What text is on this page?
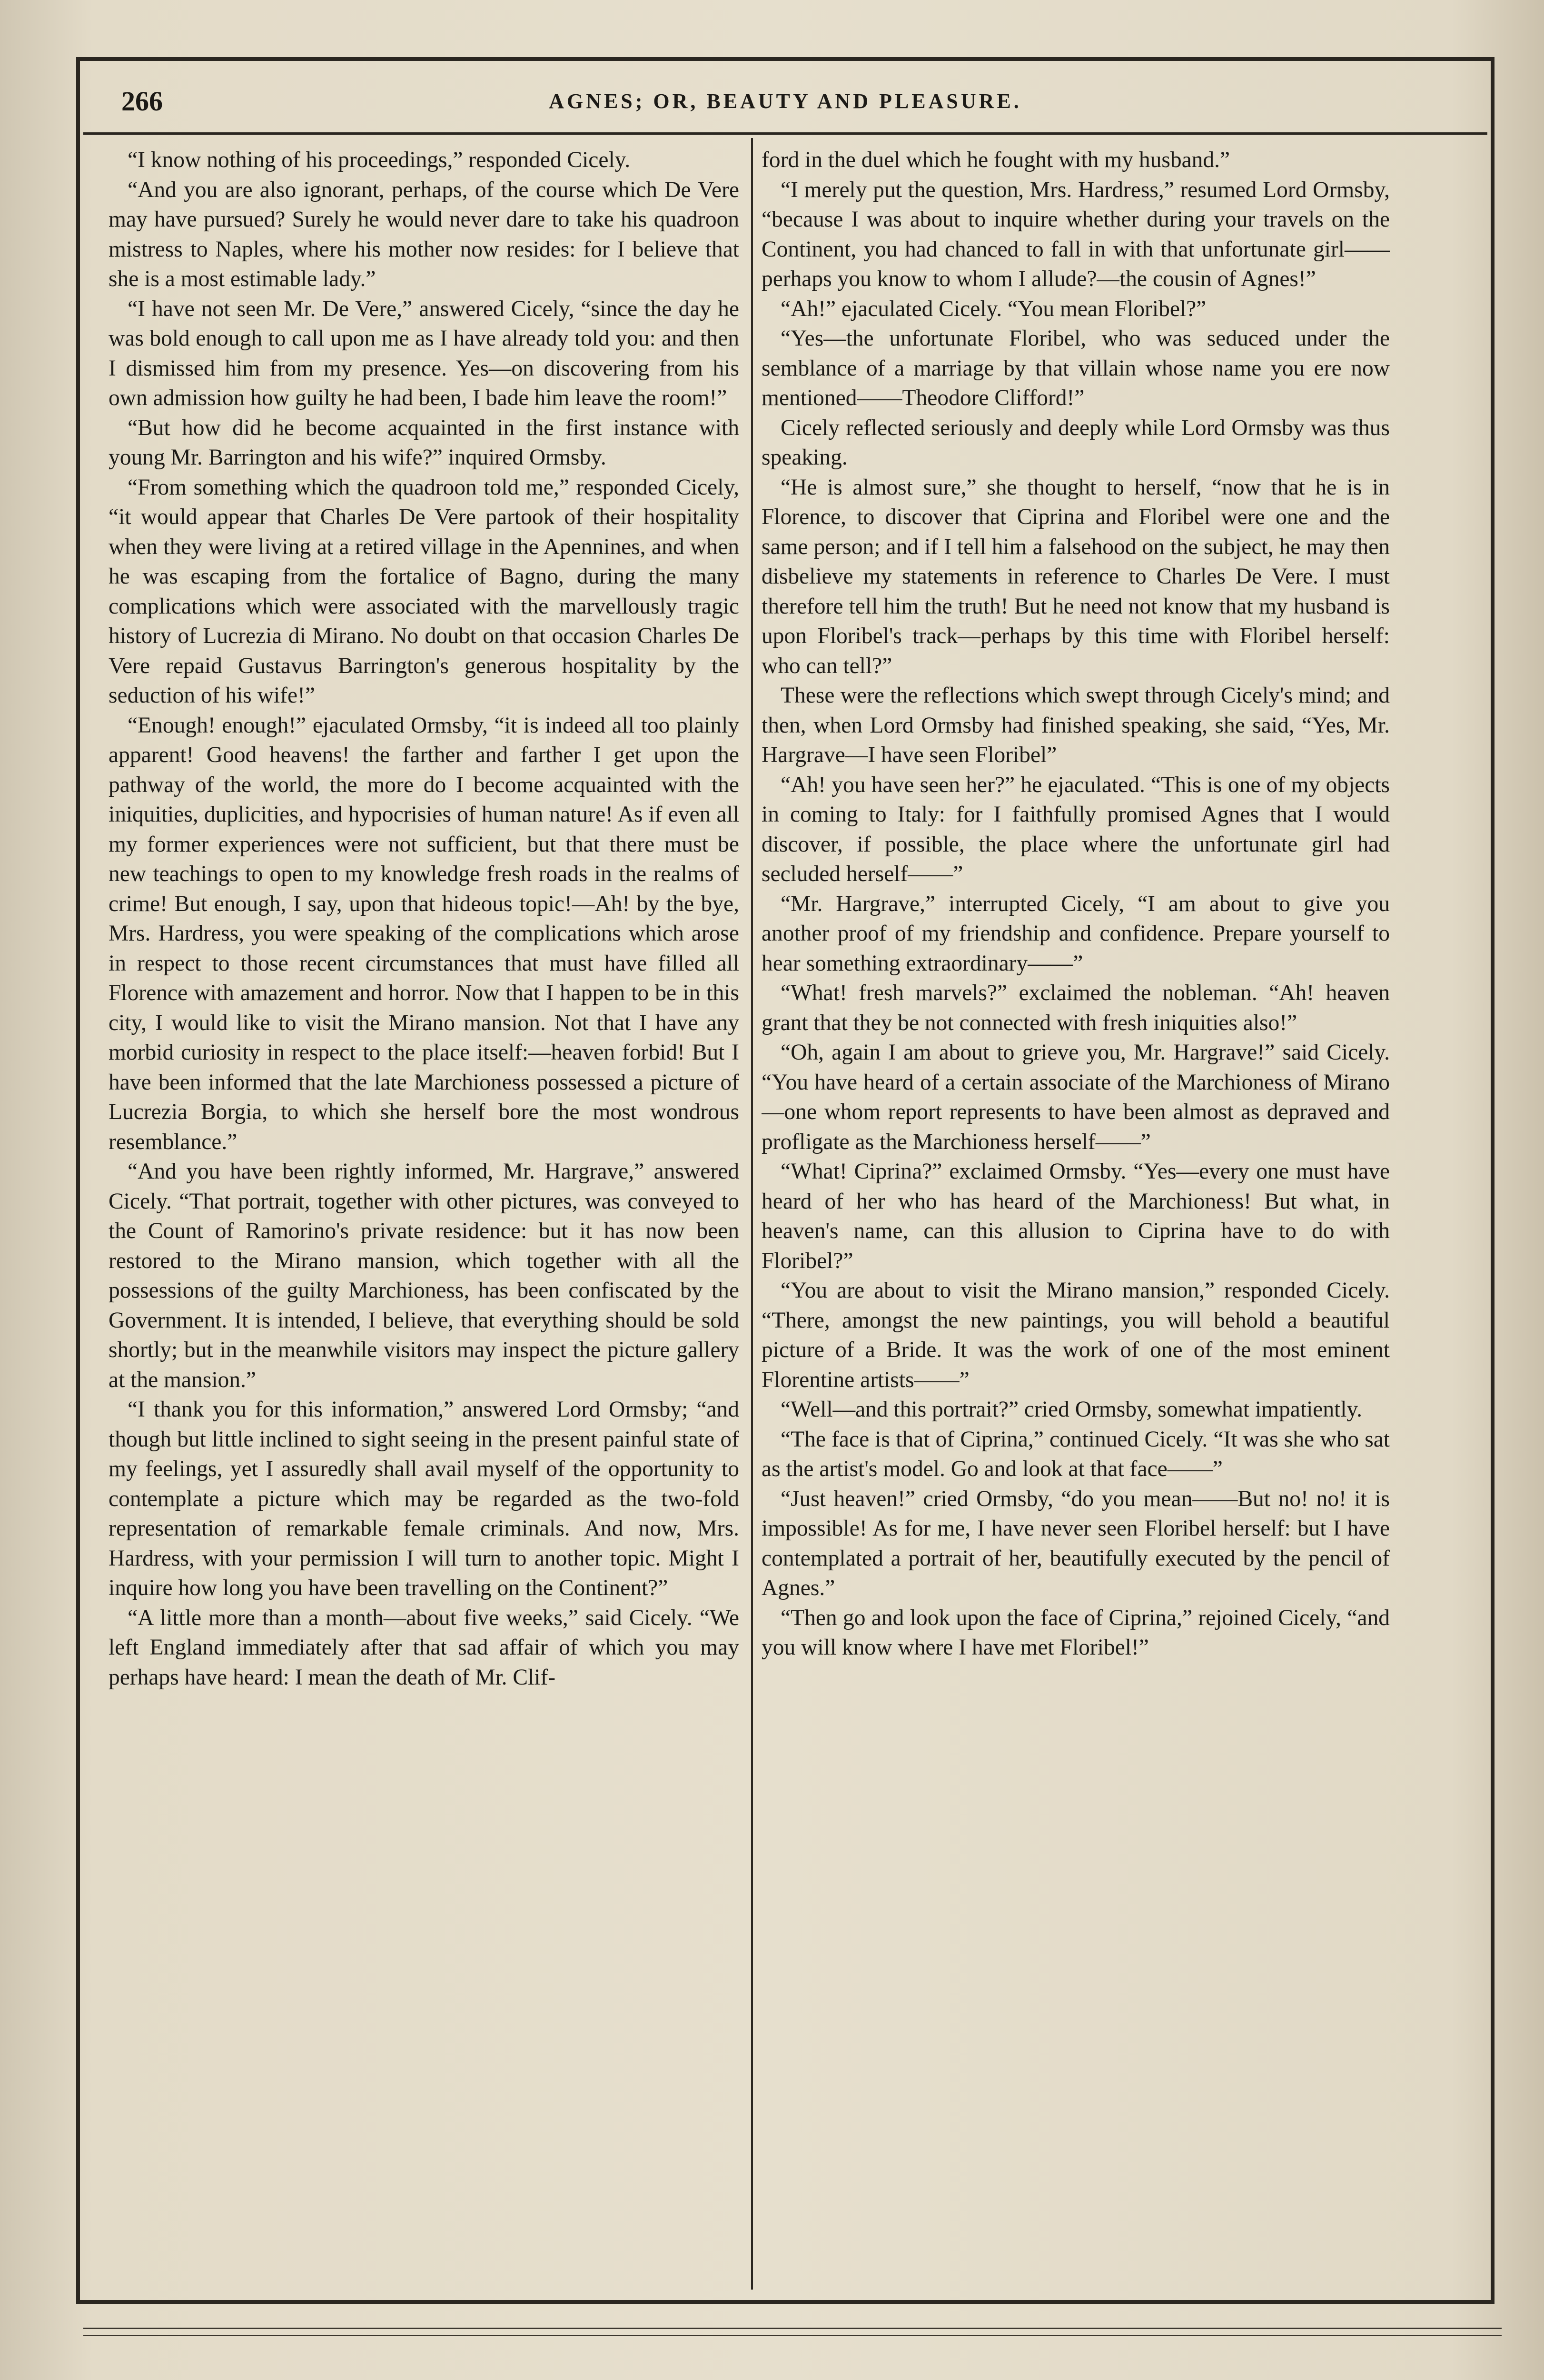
266	AGNES; OR, BEAUTY AND PLEASURE.

“I know nothing of his proceedings,” responded Cicely.

“And you are also ignorant, perhaps, of the course which De Vere may have pursued? Surely he would never dare to take his quadroon mistress to Naples, where his mother now resides: for I believe that she is a most estimable lady.”

“I have not seen Mr. De Vere,” answered Cicely, “since the day he was bold enough to call upon me as I have already told you: and then I dismissed him from my presence. Yes—on discovering from his own admission how guilty he had been, I bade him leave the room!”

“But how did he become acquainted in the first instance with young Mr. Barrington and his wife?” inquired Ormsby.

“From something which the quadroon told me,” responded Cicely, “it would appear that Charles De Vere partook of their hospitality when they were living at a retired village in the Apennines, and when he was escaping from the fortalice of Bagno, during the many complications which were associated with the marvellously tragic history of Lucrezia di Mirano. No doubt on that occasion Charles De Vere repaid Gustavus Barrington's generous hospitality by the seduction of his wife!”

“Enough! enough!” ejaculated Ormsby, “it is indeed all too plainly apparent! Good heavens! the farther and farther I get upon the pathway of the world, the more do I become acquainted with the iniquities, duplicities, and hypocrisies of human nature! As if even all my former experiences were not sufficient, but that there must be new teachings to open to my knowledge fresh roads in the realms of crime! But enough, I say, upon that hideous topic!—Ah! by the bye, Mrs. Hardress, you were speaking of the complications which arose in respect to those recent circumstances that must have filled all Florence with amazement and horror. Now that I happen to be in this city, I would like to visit the Mirano mansion. Not that I have any morbid curiosity in respect to the place itself:—heaven forbid! But I have been informed that the late Marchioness possessed a picture of Lucrezia Borgia, to which she herself bore the most wondrous resemblance.”

“And you have been rightly informed, Mr. Hargrave,” answered Cicely. “That portrait, together with other pictures, was conveyed to the Count of Ramorino's private residence: but it has now been restored to the Mirano mansion, which together with all the possessions of the guilty Marchioness, has been confiscated by the Government. It is intended, I believe, that everything should be sold shortly; but in the meanwhile visitors may inspect the picture gallery at the mansion.”

“I thank you for this information,” answered Lord Ormsby; “and though but little inclined to sight seeing in the present painful state of my feelings, yet I assuredly shall avail myself of the opportunity to contemplate a picture which may be regarded as the two-fold representation of remarkable female criminals. And now, Mrs. Hardress, with your permission I will turn to another topic. Might I inquire how long you have been travelling on the Continent?”

“A little more than a month—about five weeks,” said Cicely. “We left England immediately after that sad affair of which you may perhaps have heard: I mean the death of Mr. Clif-

ford in the duel which he fought with my husband.”

“I merely put the question, Mrs. Hardress,” resumed Lord Ormsby, “because I was about to inquire whether during your travels on the Continent, you had chanced to fall in with that unfortunate girl——perhaps you know to whom I allude?—the cousin of Agnes!”

“Ah!” ejaculated Cicely. “You mean Floribel?”

“Yes—the unfortunate Floribel, who was seduced under the semblance of a marriage by that villain whose name you ere now mentioned——Theodore Clifford!”

Cicely reflected seriously and deeply while Lord Ormsby was thus speaking.

“He is almost sure,” she thought to herself, “now that he is in Florence, to discover that Ciprina and Floribel were one and the same person; and if I tell him a falsehood on the subject, he may then disbelieve my statements in reference to Charles De Vere. I must therefore tell him the truth! But he need not know that my husband is upon Floribel's track—perhaps by this time with Floribel herself: who can tell?”

These were the reflections which swept through Cicely's mind; and then, when Lord Ormsby had finished speaking, she said, “Yes, Mr. Hargrave—I have seen Floribel”

“Ah! you have seen her?” he ejaculated. “This is one of my objects in coming to Italy: for I faithfully promised Agnes that I would discover, if possible, the place where the unfortunate girl had secluded herself——”

“Mr. Hargrave,” interrupted Cicely, “I am about to give you another proof of my friendship and confidence. Prepare yourself to hear something extraordinary——”

“What! fresh marvels?” exclaimed the nobleman. “Ah! heaven grant that they be not connected with fresh iniquities also!”

“Oh, again I am about to grieve you, Mr. Hargrave!” said Cicely. “You have heard of a certain associate of the Marchioness of Mirano—one whom report represents to have been almost as depraved and profligate as the Marchioness herself——”

“What! Ciprina?” exclaimed Ormsby. “Yes—every one must have heard of her who has heard of the Marchioness! But what, in heaven's name, can this allusion to Ciprina have to do with Floribel?”

“You are about to visit the Mirano mansion,” responded Cicely. “There, amongst the new paintings, you will behold a beautiful picture of a Bride. It was the work of one of the most eminent Florentine artists——”

“Well—and this portrait?” cried Ormsby, somewhat impatiently.

“The face is that of Ciprina,” continued Cicely. “It was she who sat as the artist's model. Go and look at that face——”

“Just heaven!” cried Ormsby, “do you mean——But no! no! it is impossible! As for me, I have never seen Floribel herself: but I have contemplated a portrait of her, beautifully executed by the pencil of Agnes.”

“Then go and look upon the face of Ciprina,” rejoined Cicely, “and you will know where I have met Floribel!”
